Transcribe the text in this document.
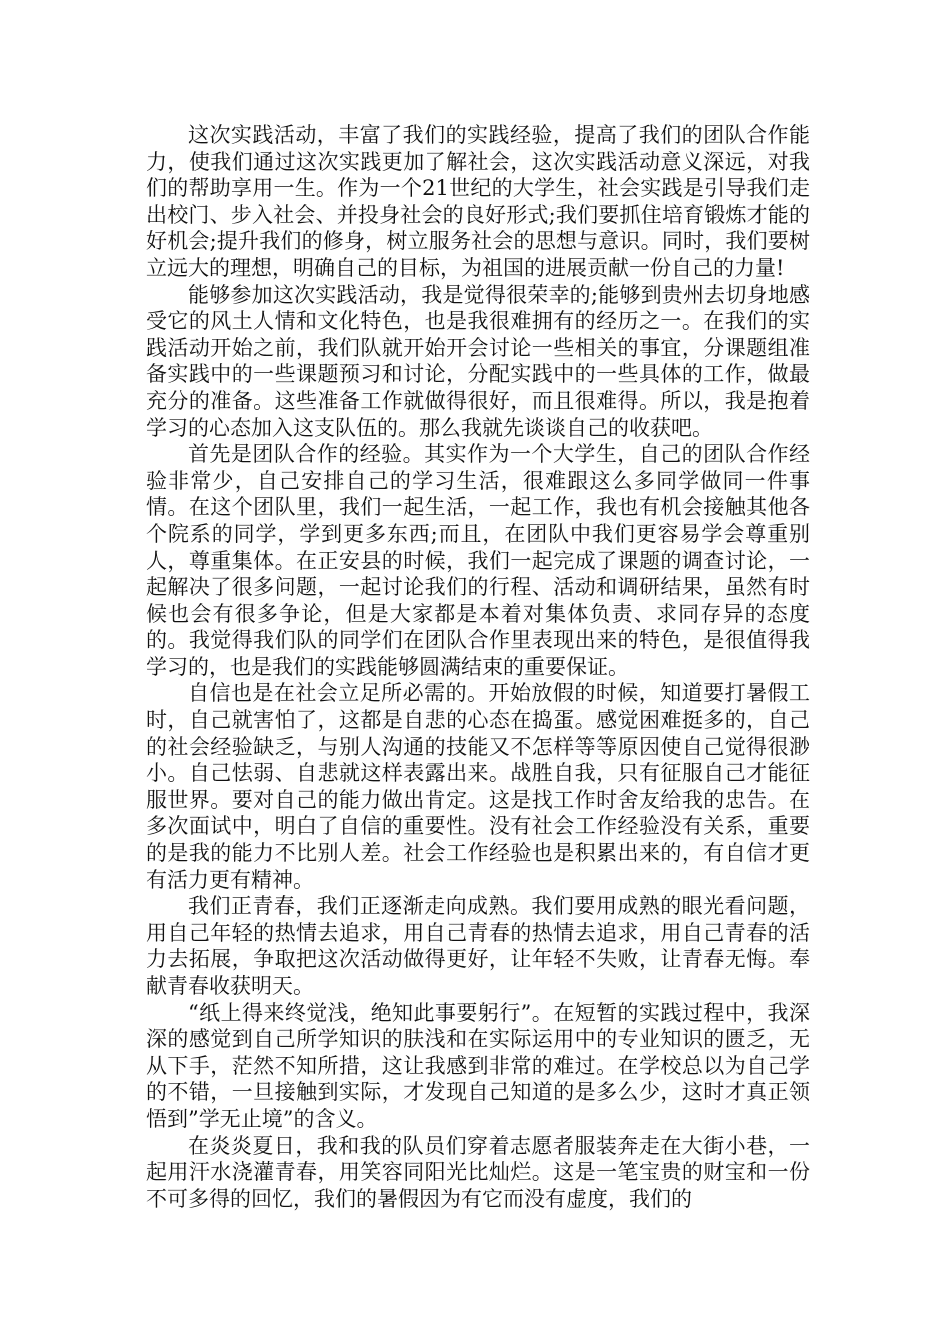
这次实践活动，丰富了我们的实践经验，提高了我们的团队合作能力，使我们通过这次实践更加了解社会，这次实践活动意义深远，对我们的帮助享用一生。作为一个21世纪的大学生，社会实践是引导我们走出校门、步入社会、并投身社会的良好形式;我们要抓住培育锻炼才能的好机会;提升我们的修身，树立服务社会的思想与意识。同时，我们要树立远大的理想，明确自己的目标，为祖国的进展贡献一份自己的力量!

能够参加这次实践活动，我是觉得很荣幸的;能够到贵州去切身地感受它的风土人情和文化特色，也是我很难拥有的经历之一。在我们的实践活动开始之前，我们队就开始开会讨论一些相关的事宜，分课题组准备实践中的一些课题预习和讨论，分配实践中的一些具体的工作，做最充分的准备。这些准备工作就做得很好，而且很难得。所以，我是抱着学习的心态加入这支队伍的。那么我就先谈谈自己的收获吧。

首先是团队合作的经验。其实作为一个大学生，自己的团队合作经验非常少，自己安排自己的学习生活，很难跟这么多同学做同一件事情。在这个团队里，我们一起生活，一起工作，我也有机会接触其他各个院系的同学，学到更多东西;而且，在团队中我们更容易学会尊重别人，尊重集体。在正安县的时候，我们一起完成了课题的调查讨论，一起解决了很多问题，一起讨论我们的行程、活动和调研结果，虽然有时候也会有很多争论，但是大家都是本着对集体负责、求同存异的态度的。我觉得我们队的同学们在团队合作里表现出来的特色，是很值得我学习的，也是我们的实践能够圆满结束的重要保证。

自信也是在社会立足所必需的。开始放假的时候，知道要打暑假工时，自己就害怕了，这都是自悲的心态在捣蛋。感觉困难挺多的，自己的社会经验缺乏，与别人沟通的技能又不怎样等等原因使自己觉得很渺小。自己怯弱、自悲就这样表露出来。战胜自我，只有征服自己才能征服世界。要对自己的能力做出肯定。这是找工作时舍友给我的忠告。在多次面试中，明白了自信的重要性。没有社会工作经验没有关系，重要的是我的能力不比别人差。社会工作经验也是积累出来的，有自信才更有活力更有精神。

我们正青春，我们正逐渐走向成熟。我们要用成熟的眼光看问题，用自己年轻的热情去追求，用自己青春的热情去追求，用自己青春的活力去拓展，争取把这次活动做得更好，让年轻不失败，让青春无悔。奉献青春收获明天。

“纸上得来终觉浅，绝知此事要躬行”。在短暂的实践过程中，我深深的感觉到自己所学知识的肤浅和在实际运用中的专业知识的匮乏，无从下手，茫然不知所措，这让我感到非常的难过。在学校总以为自己学的不错，一旦接触到实际，才发现自己知道的是多么少，这时才真正领悟到”学无止境”的含义。

在炎炎夏日，我和我的队员们穿着志愿者服装奔走在大街小巷，一起用汗水浇灌青春，用笑容同阳光比灿烂。这是一笔宝贵的财宝和一份不可多得的回忆，我们的暑假因为有它而没有虚度，我们的
